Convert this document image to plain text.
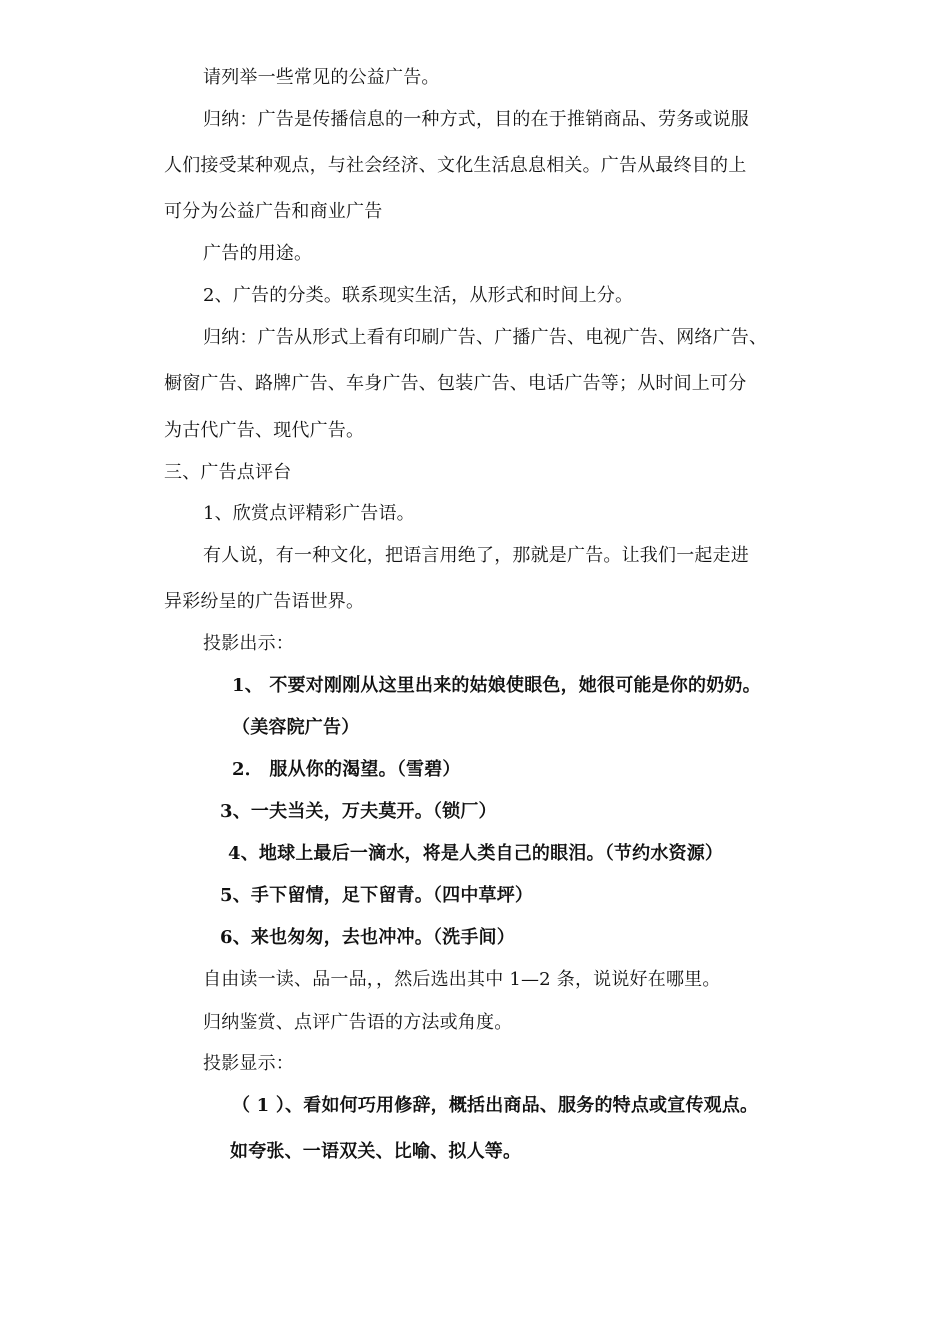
请列举一些常见的公益广告。
归纳：广告是传播信息的一种方式，目的在于推销商品、劳务或说服
人们接受某种观点，与社会经济、文化生活息息相关。广告从最终目的上
可分为公益广告和商业广告
广告的用途。
2、广告的分类。联系现实生活，从形式和时间上分。
归纳：广告从形式上看有印刷广告、广播广告、电视广告、网络广告、
橱窗广告、路牌广告、车身广告、包装广告、电话广告等；从时间上可分
为古代广告、现代广告。
三、广告点评台
1、欣赏点评精彩广告语。
有人说，有一种文化，把语言用绝了，那就是广告。让我们一起走进
异彩纷呈的广告语世界。
投影出示：
1、 不要对刚刚从这里出来的姑娘使眼色，她很可能是你的奶奶。
（美容院广告）
2． 服从你的渴望。（雪碧）
3、一夫当关，万夫莫开。（锁厂）
4、地球上最后一滴水，将是人类自己的眼泪。（节约水资源）
5、手下留情，足下留青。（四中草坪）
6、来也匆匆，去也冲冲。（洗手间）
自由读一读、品一品，，然后选出其中 1—2 条，说说好在哪里。
归纳鉴赏、点评广告语的方法或角度。
投影显示：
（ 1 ）、看如何巧用修辞，概括出商品、服务的特点或宣传观点。
如夸张、一语双关、比喻、拟人等。
